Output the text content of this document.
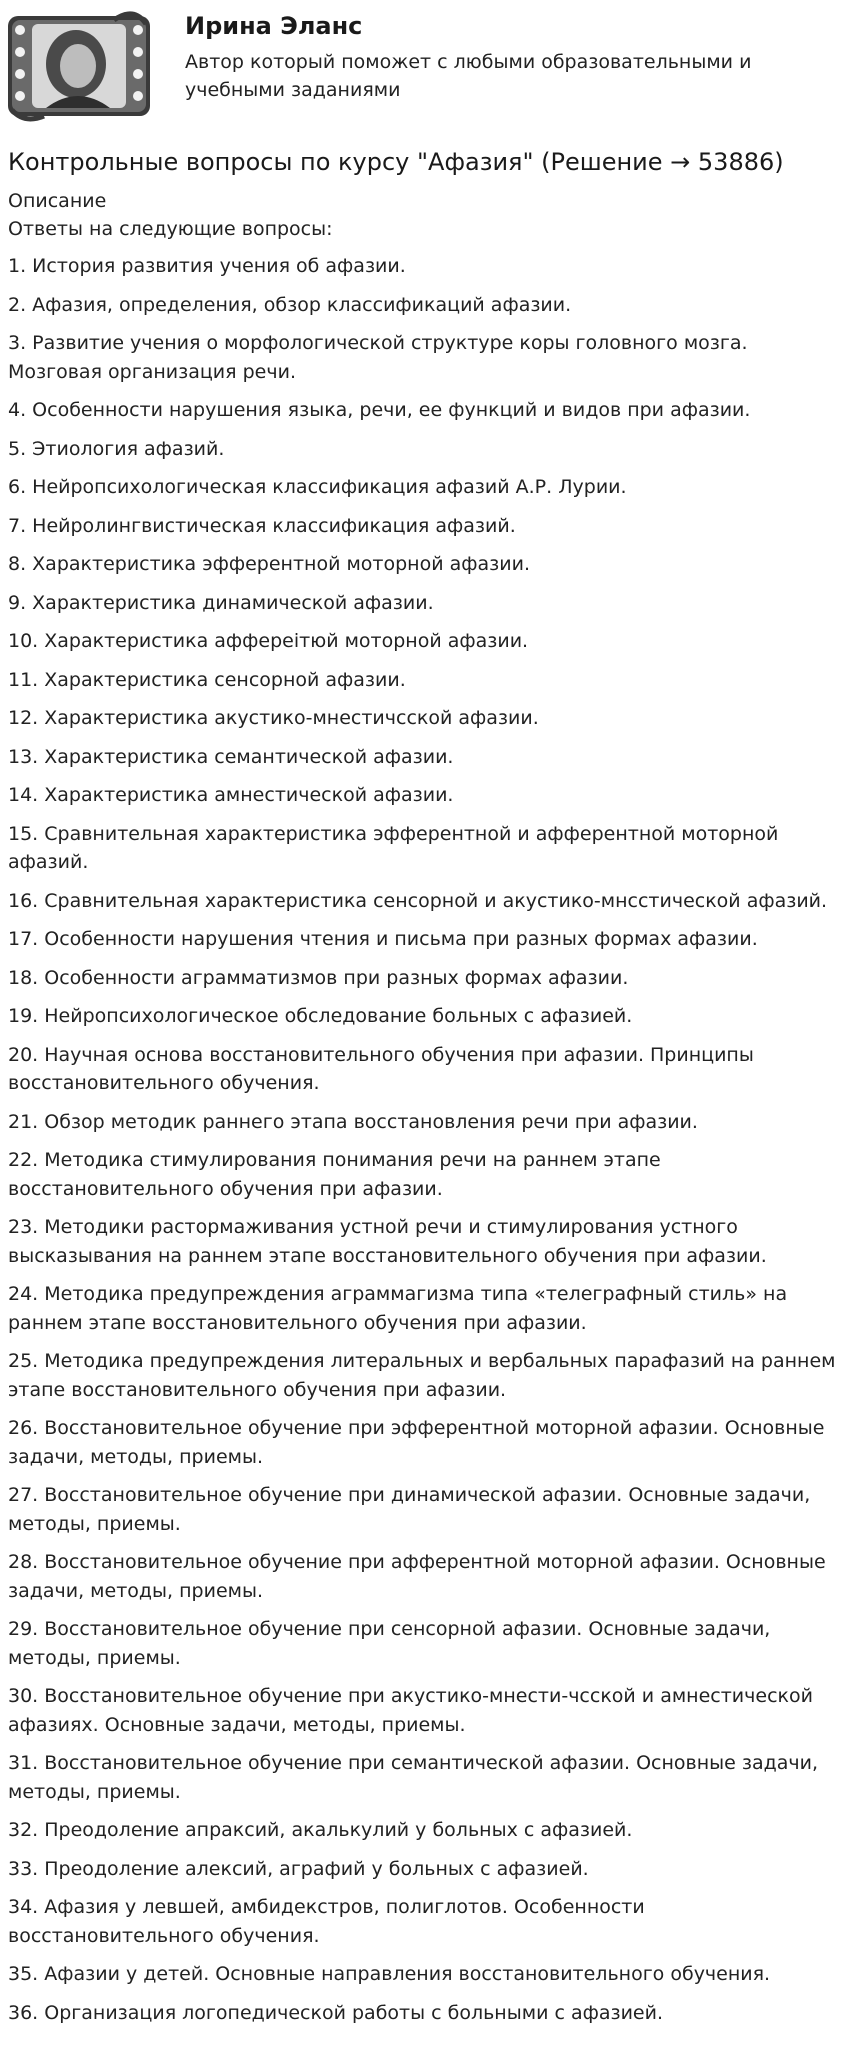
Ирина Эланс
Автор который поможет с любыми образовательными и учебными заданиями
Контрольные вопросы по курсу "Афазия" (Решение → 53886)
Описание
Ответы на следующие вопросы:
1. История развития учения об афазии.
2. Афазия, определения, обзор классификаций афазии.
3. Развитие учения о морфологической структуре коры головного мозга. Мозговая организация речи.
4. Особенности нарушения языка, речи, ее функций и видов при афазии.
5. Этиология афазий.
6. Нейропсихологическая классификация афазий А.Р. Лурии.
7. Нейролингвистическая классификация афазий.
8. Характеристика эфферентной моторной афазии.
9. Характеристика динамической афазии.
10. Характеристика аффереiтюй моторной афазии.
11. Характеристика сенсорной афазии.
12. Характеристика акустико-мнестичсской афазии.
13. Характеристика семантической афазии.
14. Характеристика амнестической афазии.
15. Сравнительная характеристика эфферентной и афферентной моторной афазий.
16. Сравнительная характеристика сенсорной и акустико-мнсстической афазий.
17. Особенности нарушения чтения и письма при разных формах афазии.
18. Особенности аграмматизмов при разных формах афазии.
19. Нейропсихологическое обследование больных с афазией.
20. Научная основа восстановительного обучения при афазии. Принципы восстановительного обучения.
21. Обзор методик раннего этапа восстановления речи при афазии.
22. Методика стимулирования понимания речи на раннем этапе восстановительного обучения при афазии.
23. Методики растормаживания устной речи и стимулирования устного высказывания на раннем этапе восстановительного обучения при афазии.
24. Методика предупреждения аграммагизма типа «телеграфный стиль» на раннем этапе восстановительного обучения при афазии.
25. Методика предупреждения литеральных и вербальных парафазий на раннем этапе восстановительного обучения при афазии.
26. Восстановительное обучение при эфферентной моторной афазии. Основные задачи, методы, приемы.
27. Восстановительное обучение при динамической афазии. Основные задачи, методы, приемы.
28. Восстановительное обучение при афферентной моторной афазии. Основные задачи, методы, приемы.
29. Восстановительное обучение при сенсорной афазии. Основные задачи, методы, приемы.
30. Восстановительное обучение при акустико-мнести-чсской и амнестической афазиях. Основные задачи, методы, приемы.
31. Восстановительное обучение при семантической афазии. Основные задачи, методы, приемы.
32. Преодоление апраксий, акалькулий у больных с афазией.
33. Преодоление алексий, аграфий у больных с афазией.
34. Афазия у левшей, амбидекстров, полиглотов. Особенности восстановительного обучения.
35. Афазии у детей. Основные направления восстановительного обучения.
36. Организация логопедической работы с больными с афазией.
